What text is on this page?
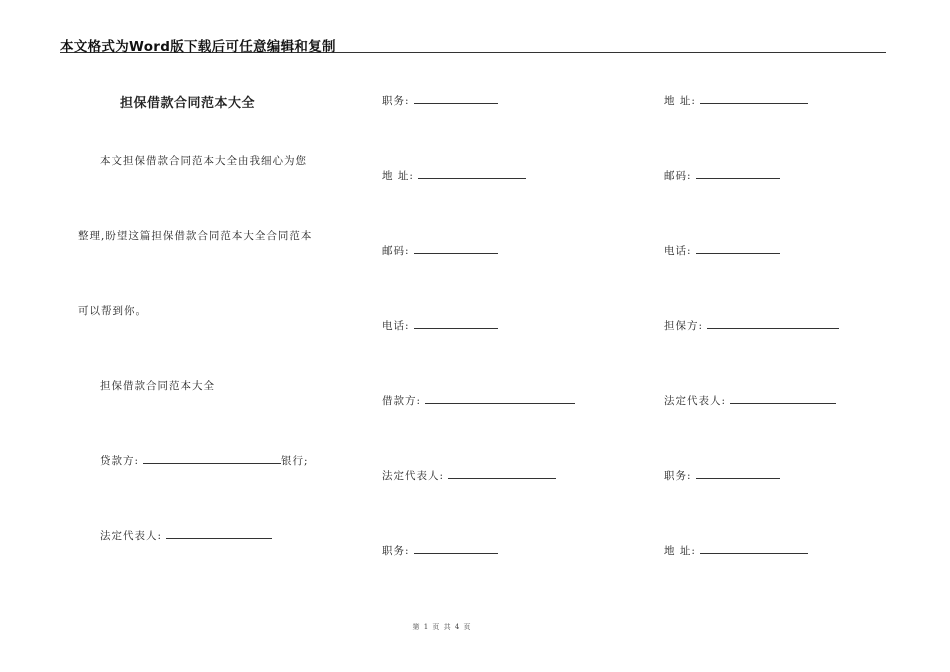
本文格式为Word版下载后可任意编辑和复制
担保借款合同范本大全
本文担保借款合同范本大全由我细心为您
整理,盼望这篇担保借款合同范本大全合同范本
可以帮到你。
担保借款合同范本大全
贷款方:	银行;
法定代表人:
职务:
地 址:
邮码:
电话:
借款方:
法定代表人:
职务:
地 址:
邮码:
电话:
担保方:
法定代表人:
职务:
地 址:
第 1 页 共 4 页
